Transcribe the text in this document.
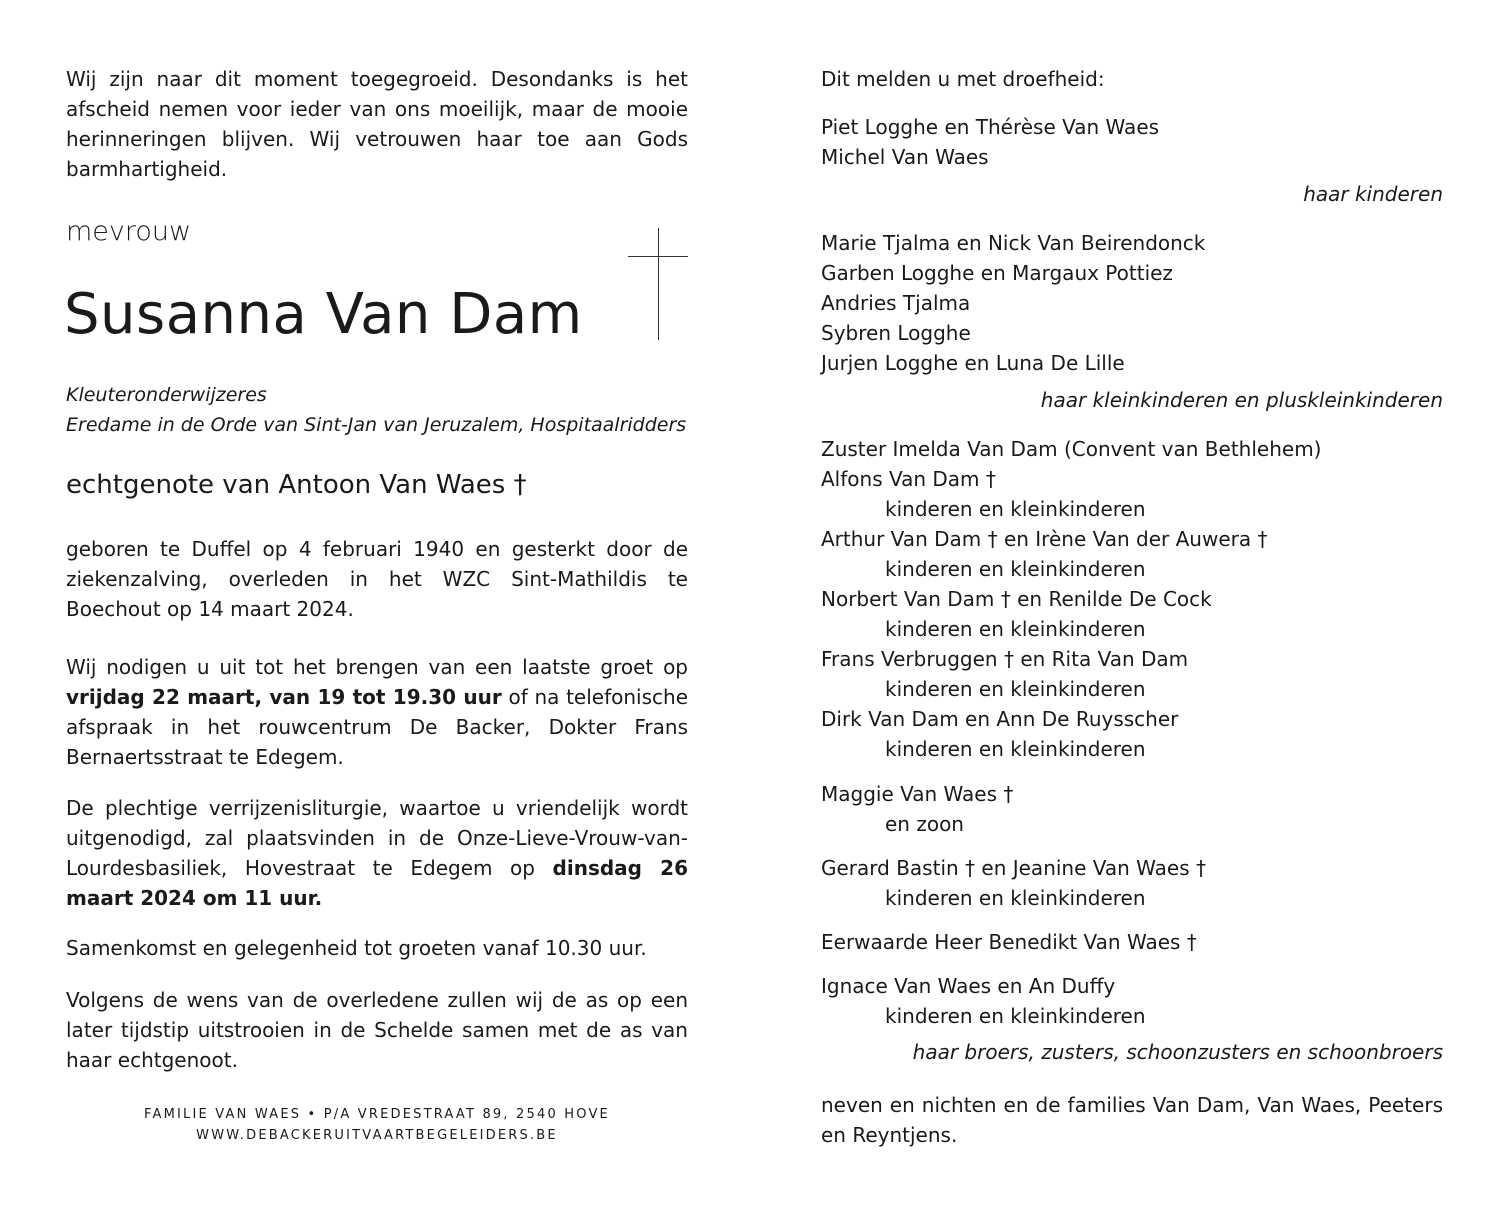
Wij zijn naar dit moment toegegroeid. Desondanks is het afscheid nemen voor ieder van ons moeilijk, maar de mooie herinneringen blijven. Wij vetrouwen haar toe aan Gods barmhartigheid.

mevrouw

Susanna Van Dam
Kleuteronderwijzeres
Eredame in de Orde van Sint-Jan van Jeruzalem, Hospitaalridders

echtgenote van Antoon Van Waes †

geboren te Duffel op 4 februari 1940 en gesterkt door de ziekenzalving, overleden in het WZC Sint-Mathildis te Boechout op 14 maart 2024.

Wij nodigen u uit tot het brengen van een laatste groet op vrijdag 22 maart, van 19 tot 19.30 uur of na telefonische afspraak in het rouwcentrum De Backer, Dokter Frans Bernaertsstraat te Edegem.

De plechtige verrijzenisliturgie, waartoe u vriendelijk wordt uitgenodigd, zal plaatsvinden in de Onze-Lieve-Vrouw-van-Lourdesbasiliek, Hovestraat te Edegem op dinsdag 26 maart 2024 om 11 uur.

Samenkomst en gelegenheid tot groeten vanaf 10.30 uur.

Volgens de wens van de overledene zullen wij de as op een later tijdstip uitstrooien in de Schelde samen met de as van haar echtgenoot.

FAMILIE VAN WAES • P/A VREDESTRAAT 89, 2540 HOVE
WWW.DEBACKERUITVAARTBEGELEIDERS.BE

Dit melden u met droefheid:

Piet Logghe en Thérèse Van Waes

Michel Van Waes

haar kinderen

Marie Tjalma en Nick Van Beirendonck

Garben Logghe en Margaux Pottiez

Andries Tjalma

Sybren Logghe

Jurjen Logghe en Luna De Lille

haar kleinkinderen en pluskleinkinderen

Zuster Imelda Van Dam (Convent van Bethlehem)

Alfons Van Dam †

kinderen en kleinkinderen

Arthur Van Dam † en Irène Van der Auwera †

kinderen en kleinkinderen

Norbert Van Dam † en Renilde De Cock

kinderen en kleinkinderen

Frans Verbruggen † en Rita Van Dam

kinderen en kleinkinderen

Dirk Van Dam en Ann De Ruysscher

kinderen en kleinkinderen

Maggie Van Waes †

en zoon

Gerard Bastin † en Jeanine Van Waes †

kinderen en kleinkinderen

Eerwaarde Heer Benedikt Van Waes †

Ignace Van Waes en An Duffy

kinderen en kleinkinderen

haar broers, zusters, schoonzusters en schoonbroers

neven en nichten en de families Van Dam, Van Waes, Peeters en Reyntjens.
